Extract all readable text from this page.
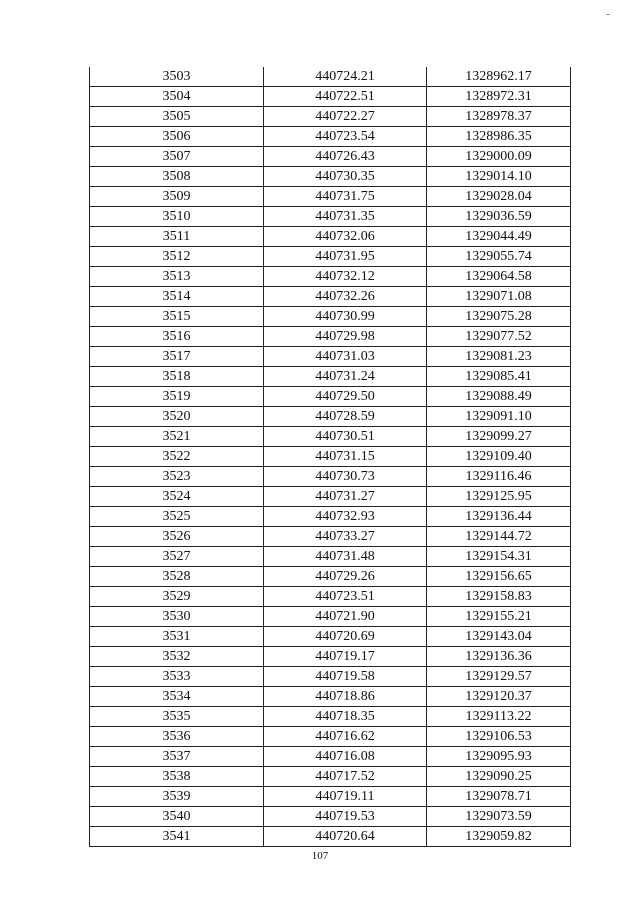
3503	440724.21	1328962.17
3504	440722.51	1328972.31
3505	440722.27	1328978.37
3506	440723.54	1328986.35
3507	440726.43	1329000.09
3508	440730.35	1329014.10
3509	440731.75	1329028.04
3510	440731.35	1329036.59
3511	440732.06	1329044.49
3512	440731.95	1329055.74
3513	440732.12	1329064.58
3514	440732.26	1329071.08
3515	440730.99	1329075.28
3516	440729.98	1329077.52
3517	440731.03	1329081.23
3518	440731.24	1329085.41
3519	440729.50	1329088.49
3520	440728.59	1329091.10
3521	440730.51	1329099.27
3522	440731.15	1329109.40
3523	440730.73	1329116.46
3524	440731.27	1329125.95
3525	440732.93	1329136.44
3526	440733.27	1329144.72
3527	440731.48	1329154.31
3528	440729.26	1329156.65
3529	440723.51	1329158.83
3530	440721.90	1329155.21
3531	440720.69	1329143.04
3532	440719.17	1329136.36
3533	440719.58	1329129.57
3534	440718.86	1329120.37
3535	440718.35	1329113.22
3536	440716.62	1329106.53
3537	440716.08	1329095.93
3538	440717.52	1329090.25
3539	440719.11	1329078.71
3540	440719.53	1329073.59
3541	440720.64	1329059.82
107
